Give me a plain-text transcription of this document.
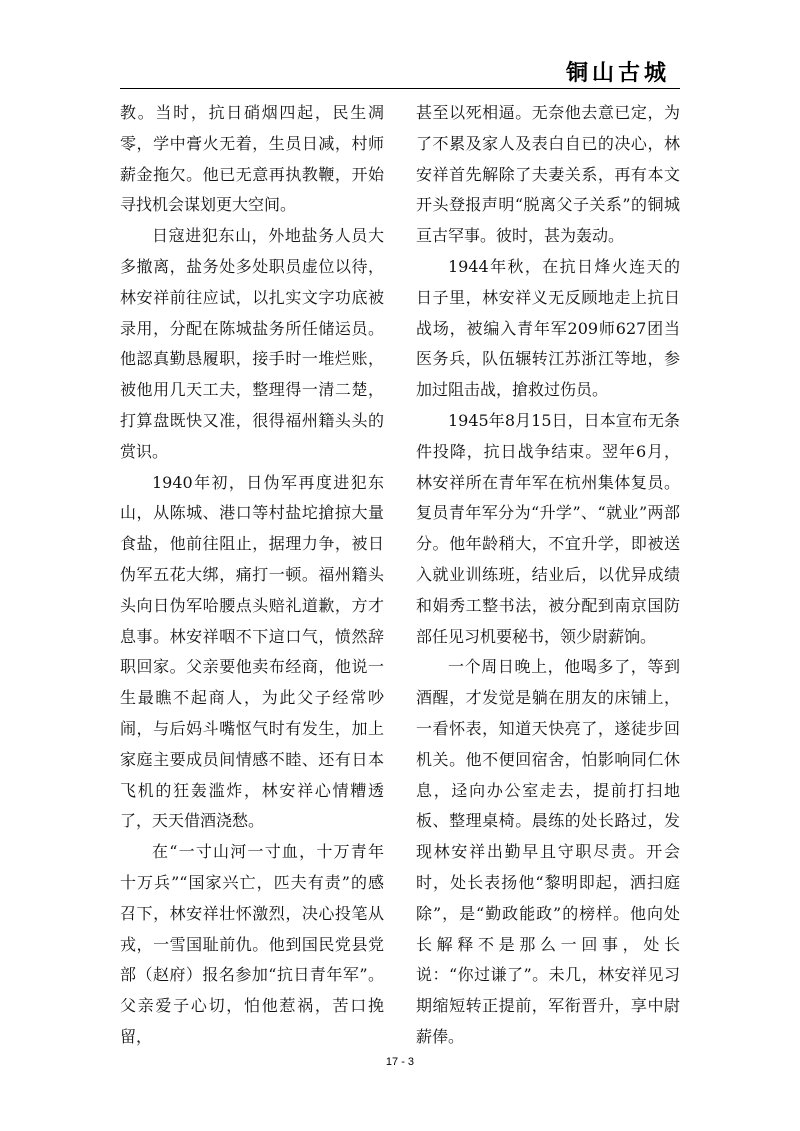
铜山古城

教。当时，抗日硝烟四起，民生凋零，学中膏火无着，生员日减，村师薪金拖欠。他已无意再执教鞭，开始寻找机会谋划更大空间。

日寇进犯东山，外地盐务人员大多撤离，盐务处多处职员虚位以待，林安祥前往应试，以扎实文字功底被录用，分配在陈城盐务所任储运员。他認真勤恳履职，接手时一堆烂账，被他用几天工夫，整理得一清二楚，打算盘既快又准，很得福州籍头头的赏识。

1940年初，日伪军再度进犯东山，从陈城、港口等村盐坨搶掠大量食盐，他前往阻止，据理力争，被日伪军五花大绑，痛打一顿。福州籍头头向日伪军哈腰点头赔礼道歉，方才息事。林安祥咽不下這口气，愤然辞职回家。父亲要他卖布经商，他说一生最瞧不起商人，为此父子经常吵闹，与后妈斗嘴怄气时有发生，加上家庭主要成员间情感不睦、还有日本飞机的狂轰滥炸，林安祥心情糟透了，天天借酒浇愁。

在“一寸山河一寸血，十万青年十万兵”“国家兴亡，匹夫有责”的感召下，林安祥壮怀激烈，决心投笔从戎，一雪国耻前仇。他到国民党县党部（赵府）报名参加“抗日青年军”。父亲爱子心切，怕他惹祸，苦口挽留，

甚至以死相逼。无奈他去意已定，为了不累及家人及表白自已的决心，林安祥首先解除了夫妻关系，再有本文开头登报声明“脱离父子关系”的铜城亘古罕事。彼时，甚为轰动。

1944年秋，在抗日烽火连天的日子里，林安祥义无反顾地走上抗日战场，被编入青年军209师627团当医务兵，队伍辗转江苏浙江等地，参加过阻击战，搶救过伤员。

1945年8月15日，日本宣布无条件投降，抗日战争结束。翌年6月，林安祥所在青年军在杭州集体复员。复员青年军分为“升学”、“就业”两部分。他年龄稍大，不宜升学，即被送入就业训练班，结业后，以优异成绩和娟秀工整书法，被分配到南京国防部任见习机要秘书，领少尉薪饷。

一个周日晚上，他喝多了，等到酒醒，才发觉是躺在朋友的床铺上，一看怀表，知道天快亮了，遂徒步回机关。他不便回宿舍，怕影响同仁休息，迳向办公室走去，提前打扫地板、整理桌椅。晨练的处长路过，发现林安祥出勤早且守职尽责。开会时，处长表扬他“黎明即起，洒扫庭除”，是“勤政能政”的榜样。他向处长解释不是那么一回事，处长说：“你过谦了”。未几，林安祥见习期缩短转正提前，军衔晋升，享中尉薪俸。

17 - 3
